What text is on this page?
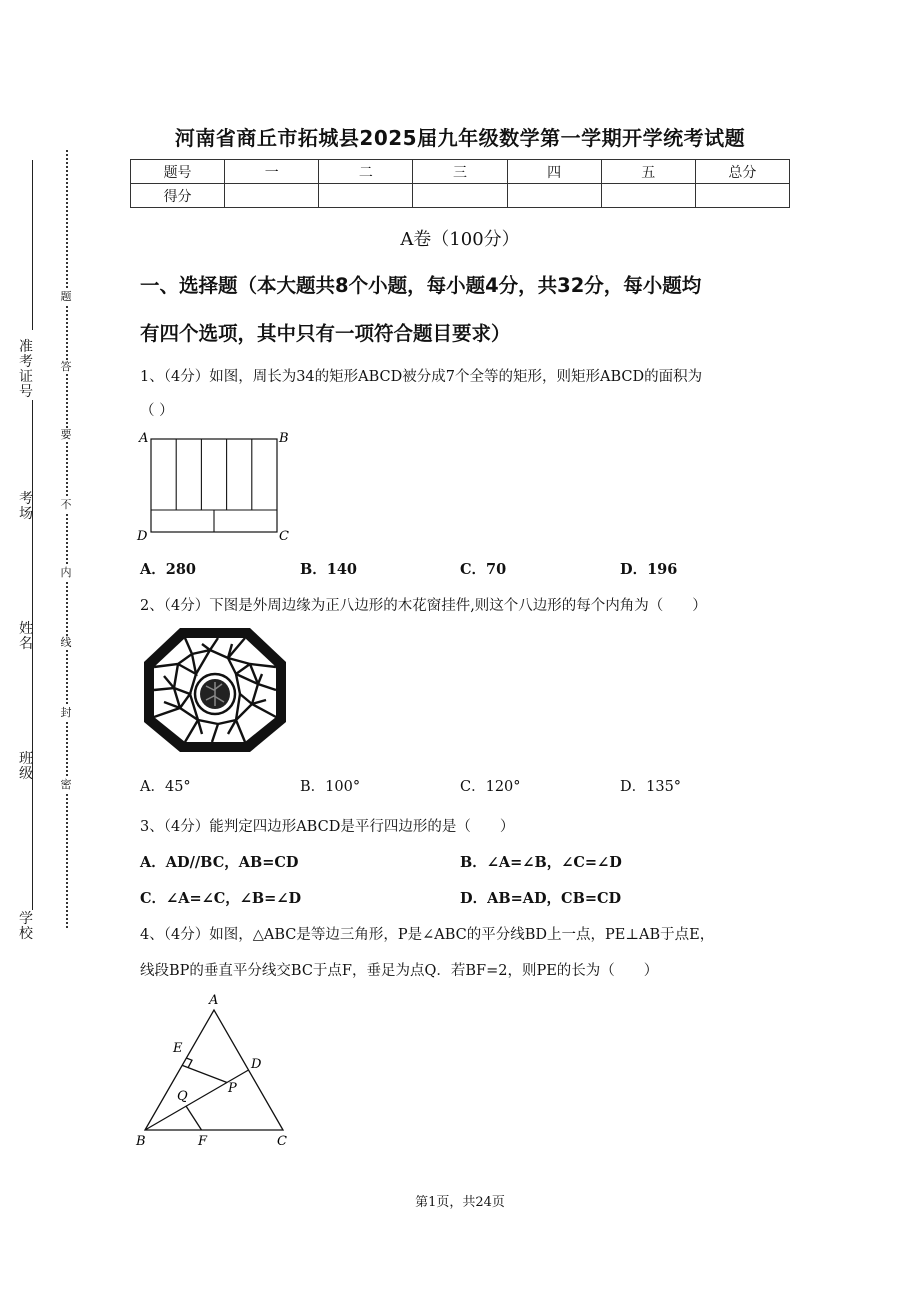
学校
班级
姓名
考场
准考证号
密
封
线
内
不
要
答
题
河南省商丘市拓城县2025届九年级数学第一学期开学统考试题
题号	一	二	三	四	五	总分
得分						
A卷（100分）
一、选择题（本大题共8个小题，每小题4分，共32分，每小题均
有四个选项，其中只有一项符合题目要求）
1、（4分）如图，周长为34的矩形ABCD被分成7个全等的矩形，则矩形ABCD的面积为
（ ）
A	B
C
D
A．280	B．140	C．70	D．196
2、（4分）下图是外周边缘为正八边形的木花窗挂件,则这个八边形的每个内角为（　　）
A．45°	B．100°	C．120°	D．135°
3、（4分）能判定四边形ABCD是平行四边形的是（　　）
A．AD//BC，AB=CD	B．∠A=∠B，∠C=∠D
C．∠A=∠C，∠B=∠D	D．AB=AD，CB=CD
4、（4分）如图，△ABC是等边三角形，P是∠ABC的平分线BD上一点，PE⊥AB于点E，
线段BP的垂直平分线交BC于点F，垂足为点Q．若BF=2，则PE的长为（　　）
A
B	C
D
E
F
P
Q
第1页，共24页
